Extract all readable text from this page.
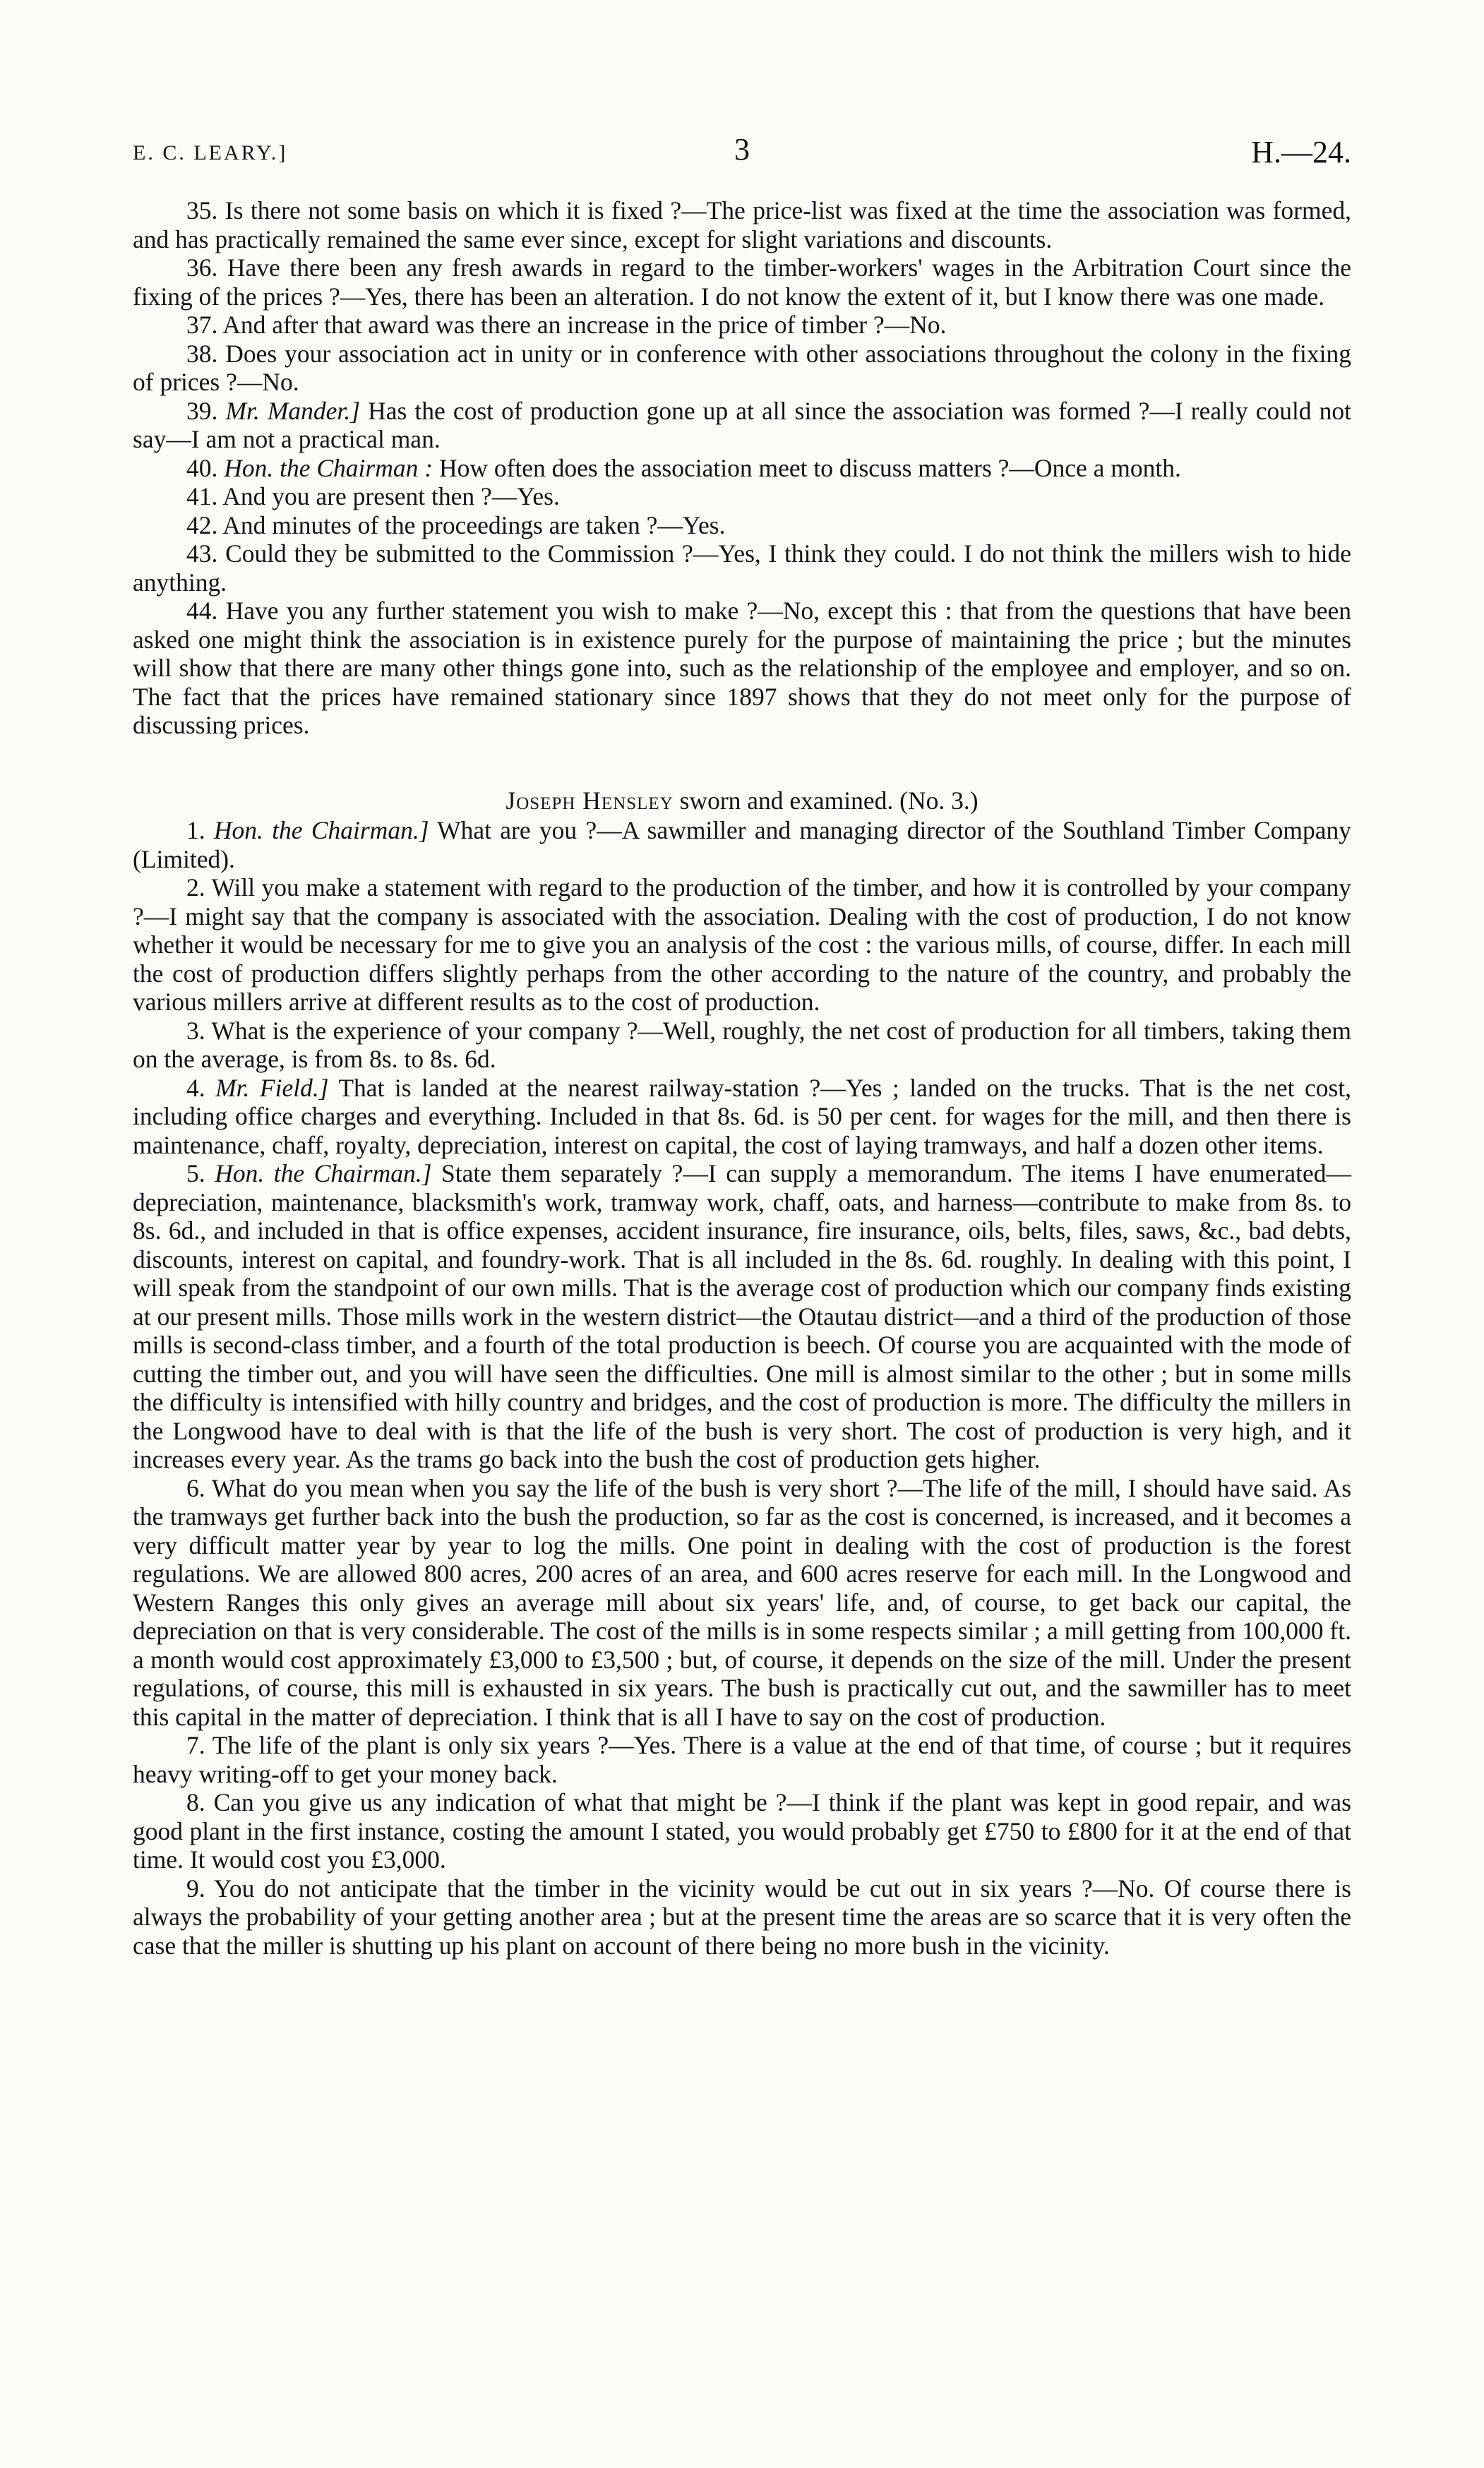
E. C. LEARY.]	3	H.—24.

35. Is there not some basis on which it is fixed ?—The price-list was fixed at the time the association was formed, and has practically remained the same ever since, except for slight variations and discounts.

36. Have there been any fresh awards in regard to the timber-workers' wages in the Arbitration Court since the fixing of the prices ?—Yes, there has been an alteration. I do not know the extent of it, but I know there was one made.

37. And after that award was there an increase in the price of timber ?—No.

38. Does your association act in unity or in conference with other associations throughout the colony in the fixing of prices ?—No.

39. Mr. Mander.] Has the cost of production gone up at all since the association was formed ?—I really could not say—I am not a practical man.

40. Hon. the Chairman : How often does the association meet to discuss matters ?—Once a month.

41. And you are present then ?—Yes.

42. And minutes of the proceedings are taken ?—Yes.

43. Could they be submitted to the Commission ?—Yes, I think they could. I do not think the millers wish to hide anything.

44. Have you any further statement you wish to make ?—No, except this : that from the questions that have been asked one might think the association is in existence purely for the purpose of maintaining the price ; but the minutes will show that there are many other things gone into, such as the relationship of the employee and employer, and so on. The fact that the prices have remained stationary since 1897 shows that they do not meet only for the purpose of discussing prices.

Joseph Hensley sworn and examined. (No. 3.)

1. Hon. the Chairman.] What are you ?—A sawmiller and managing director of the Southland Timber Company (Limited).

2. Will you make a statement with regard to the production of the timber, and how it is controlled by your company ?—I might say that the company is associated with the association. Dealing with the cost of production, I do not know whether it would be necessary for me to give you an analysis of the cost : the various mills, of course, differ. In each mill the cost of production differs slightly perhaps from the other according to the nature of the country, and probably the various millers arrive at different results as to the cost of production.

3. What is the experience of your company ?—Well, roughly, the net cost of production for all timbers, taking them on the average, is from 8s. to 8s. 6d.

4. Mr. Field.] That is landed at the nearest railway-station ?—Yes ; landed on the trucks. That is the net cost, including office charges and everything. Included in that 8s. 6d. is 50 per cent. for wages for the mill, and then there is maintenance, chaff, royalty, depreciation, interest on capital, the cost of laying tramways, and half a dozen other items.

5. Hon. the Chairman.] State them separately ?—I can supply a memorandum. The items I have enumerated—depreciation, maintenance, blacksmith's work, tramway work, chaff, oats, and harness—contribute to make from 8s. to 8s. 6d., and included in that is office expenses, accident insurance, fire insurance, oils, belts, files, saws, &c., bad debts, discounts, interest on capital, and foundry-work. That is all included in the 8s. 6d. roughly. In dealing with this point, I will speak from the standpoint of our own mills. That is the average cost of production which our company finds existing at our present mills. Those mills work in the western district—the Otautau district—and a third of the production of those mills is second-class timber, and a fourth of the total production is beech. Of course you are acquainted with the mode of cutting the timber out, and you will have seen the difficulties. One mill is almost similar to the other ; but in some mills the difficulty is intensified with hilly country and bridges, and the cost of production is more. The difficulty the millers in the Longwood have to deal with is that the life of the bush is very short. The cost of production is very high, and it increases every year. As the trams go back into the bush the cost of production gets higher.

6. What do you mean when you say the life of the bush is very short ?—The life of the mill, I should have said. As the tramways get further back into the bush the production, so far as the cost is concerned, is increased, and it becomes a very difficult matter year by year to log the mills. One point in dealing with the cost of production is the forest regulations. We are allowed 800 acres, 200 acres of an area, and 600 acres reserve for each mill. In the Longwood and Western Ranges this only gives an average mill about six years' life, and, of course, to get back our capital, the depreciation on that is very considerable. The cost of the mills is in some respects similar ; a mill getting from 100,000 ft. a month would cost approximately £3,000 to £3,500 ; but, of course, it depends on the size of the mill. Under the present regulations, of course, this mill is exhausted in six years. The bush is practically cut out, and the sawmiller has to meet this capital in the matter of depreciation. I think that is all I have to say on the cost of production.

7. The life of the plant is only six years ?—Yes. There is a value at the end of that time, of course ; but it requires heavy writing-off to get your money back.

8. Can you give us any indication of what that might be ?—I think if the plant was kept in good repair, and was good plant in the first instance, costing the amount I stated, you would probably get £750 to £800 for it at the end of that time. It would cost you £3,000.

9. You do not anticipate that the timber in the vicinity would be cut out in six years ?—No. Of course there is always the probability of your getting another area ; but at the present time the areas are so scarce that it is very often the case that the miller is shutting up his plant on account of there being no more bush in the vicinity.
